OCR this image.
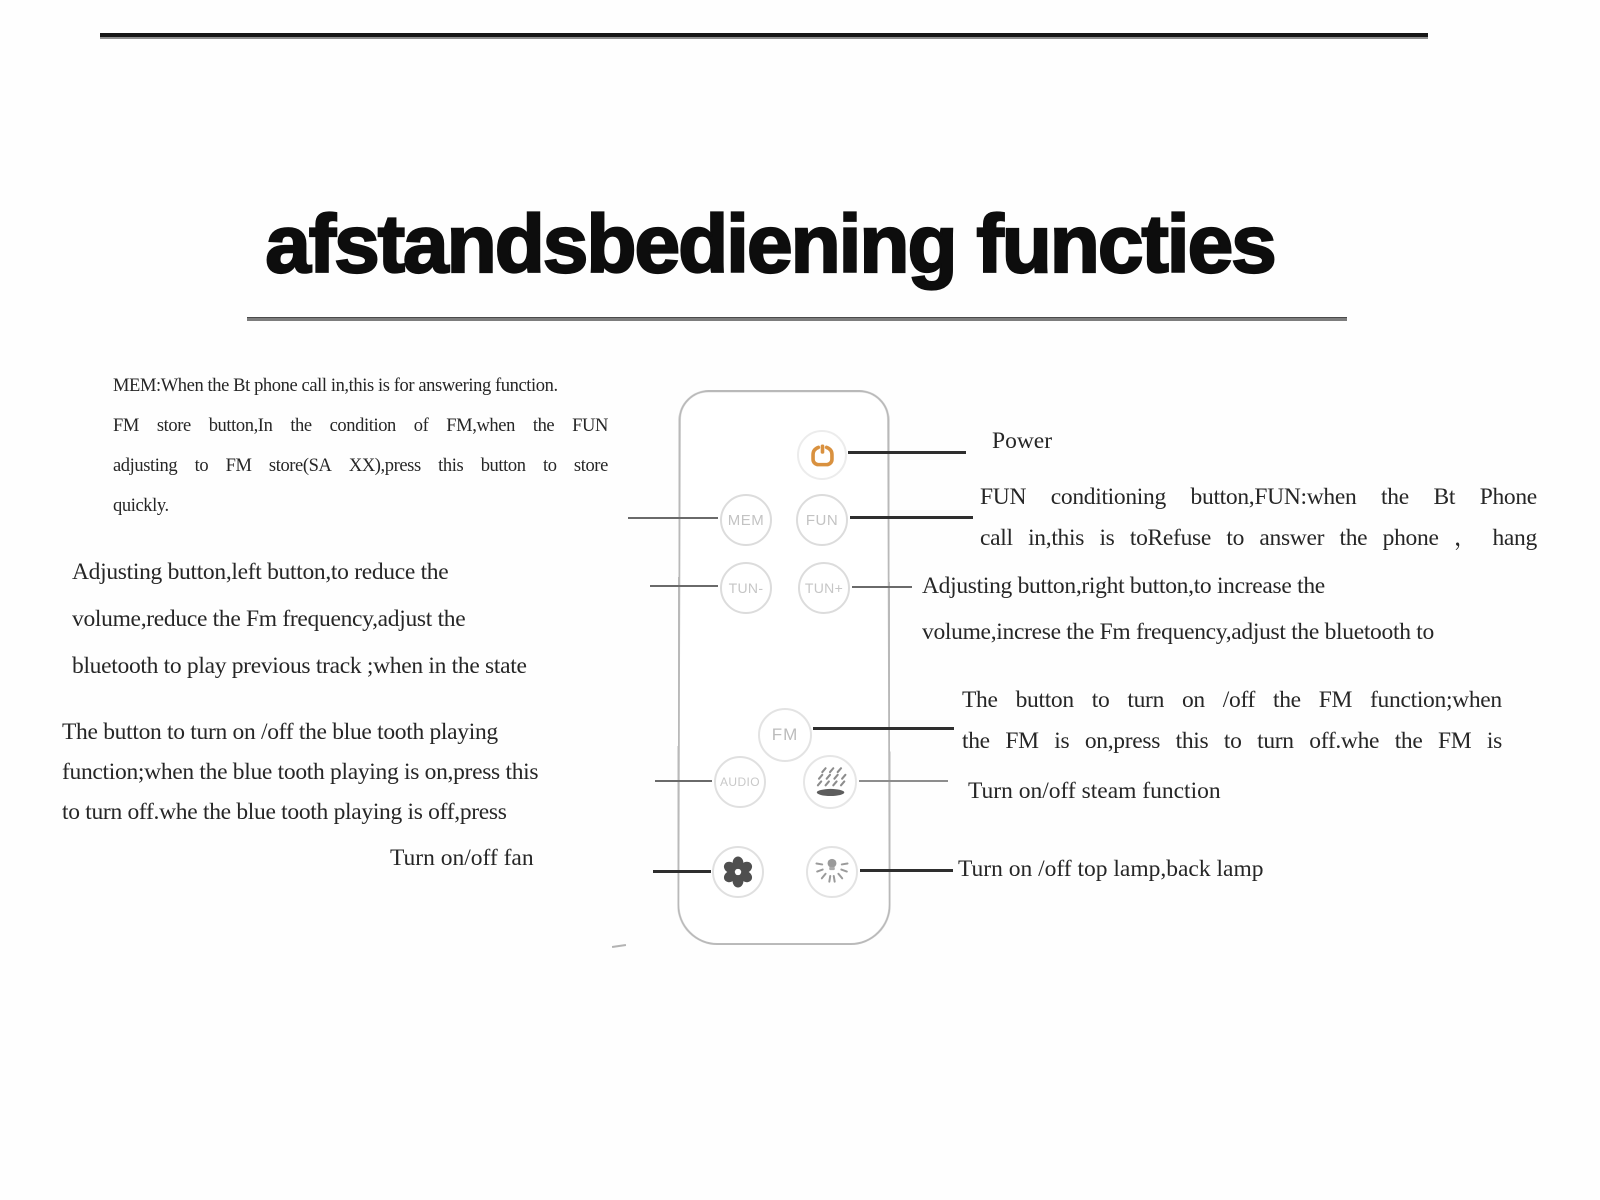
afstandsbediening functies
MEM:When the Bt phone call in,this is for answering function.
FM store button,In the condition of FM,when the FUN
adjusting to FM store(SA XX),press this button to store
quickly.
Adjusting button,left button,to reduce the
volume,reduce the Fm frequency,adjust the
bluetooth to play previous track ;when in the state
The button to turn on /off the blue tooth playing
function;when the blue tooth playing is on,press this
to turn off.whe the blue tooth playing is off,press
Turn on/off fan
Power
FUN conditioning button,FUN:when the Bt Phone
call in,this is toRefuse to answer the phone ， hang
Adjusting button,right button,to increase the
volume,increse the Fm frequency,adjust the bluetooth to
The button to turn on /off the FM function;when
the FM is on,press this to turn off.whe the FM is
Turn on/off steam function
Turn on /off top lamp,back lamp
MEM	FUN
TUN-	TUN+
FM
AUDIO
